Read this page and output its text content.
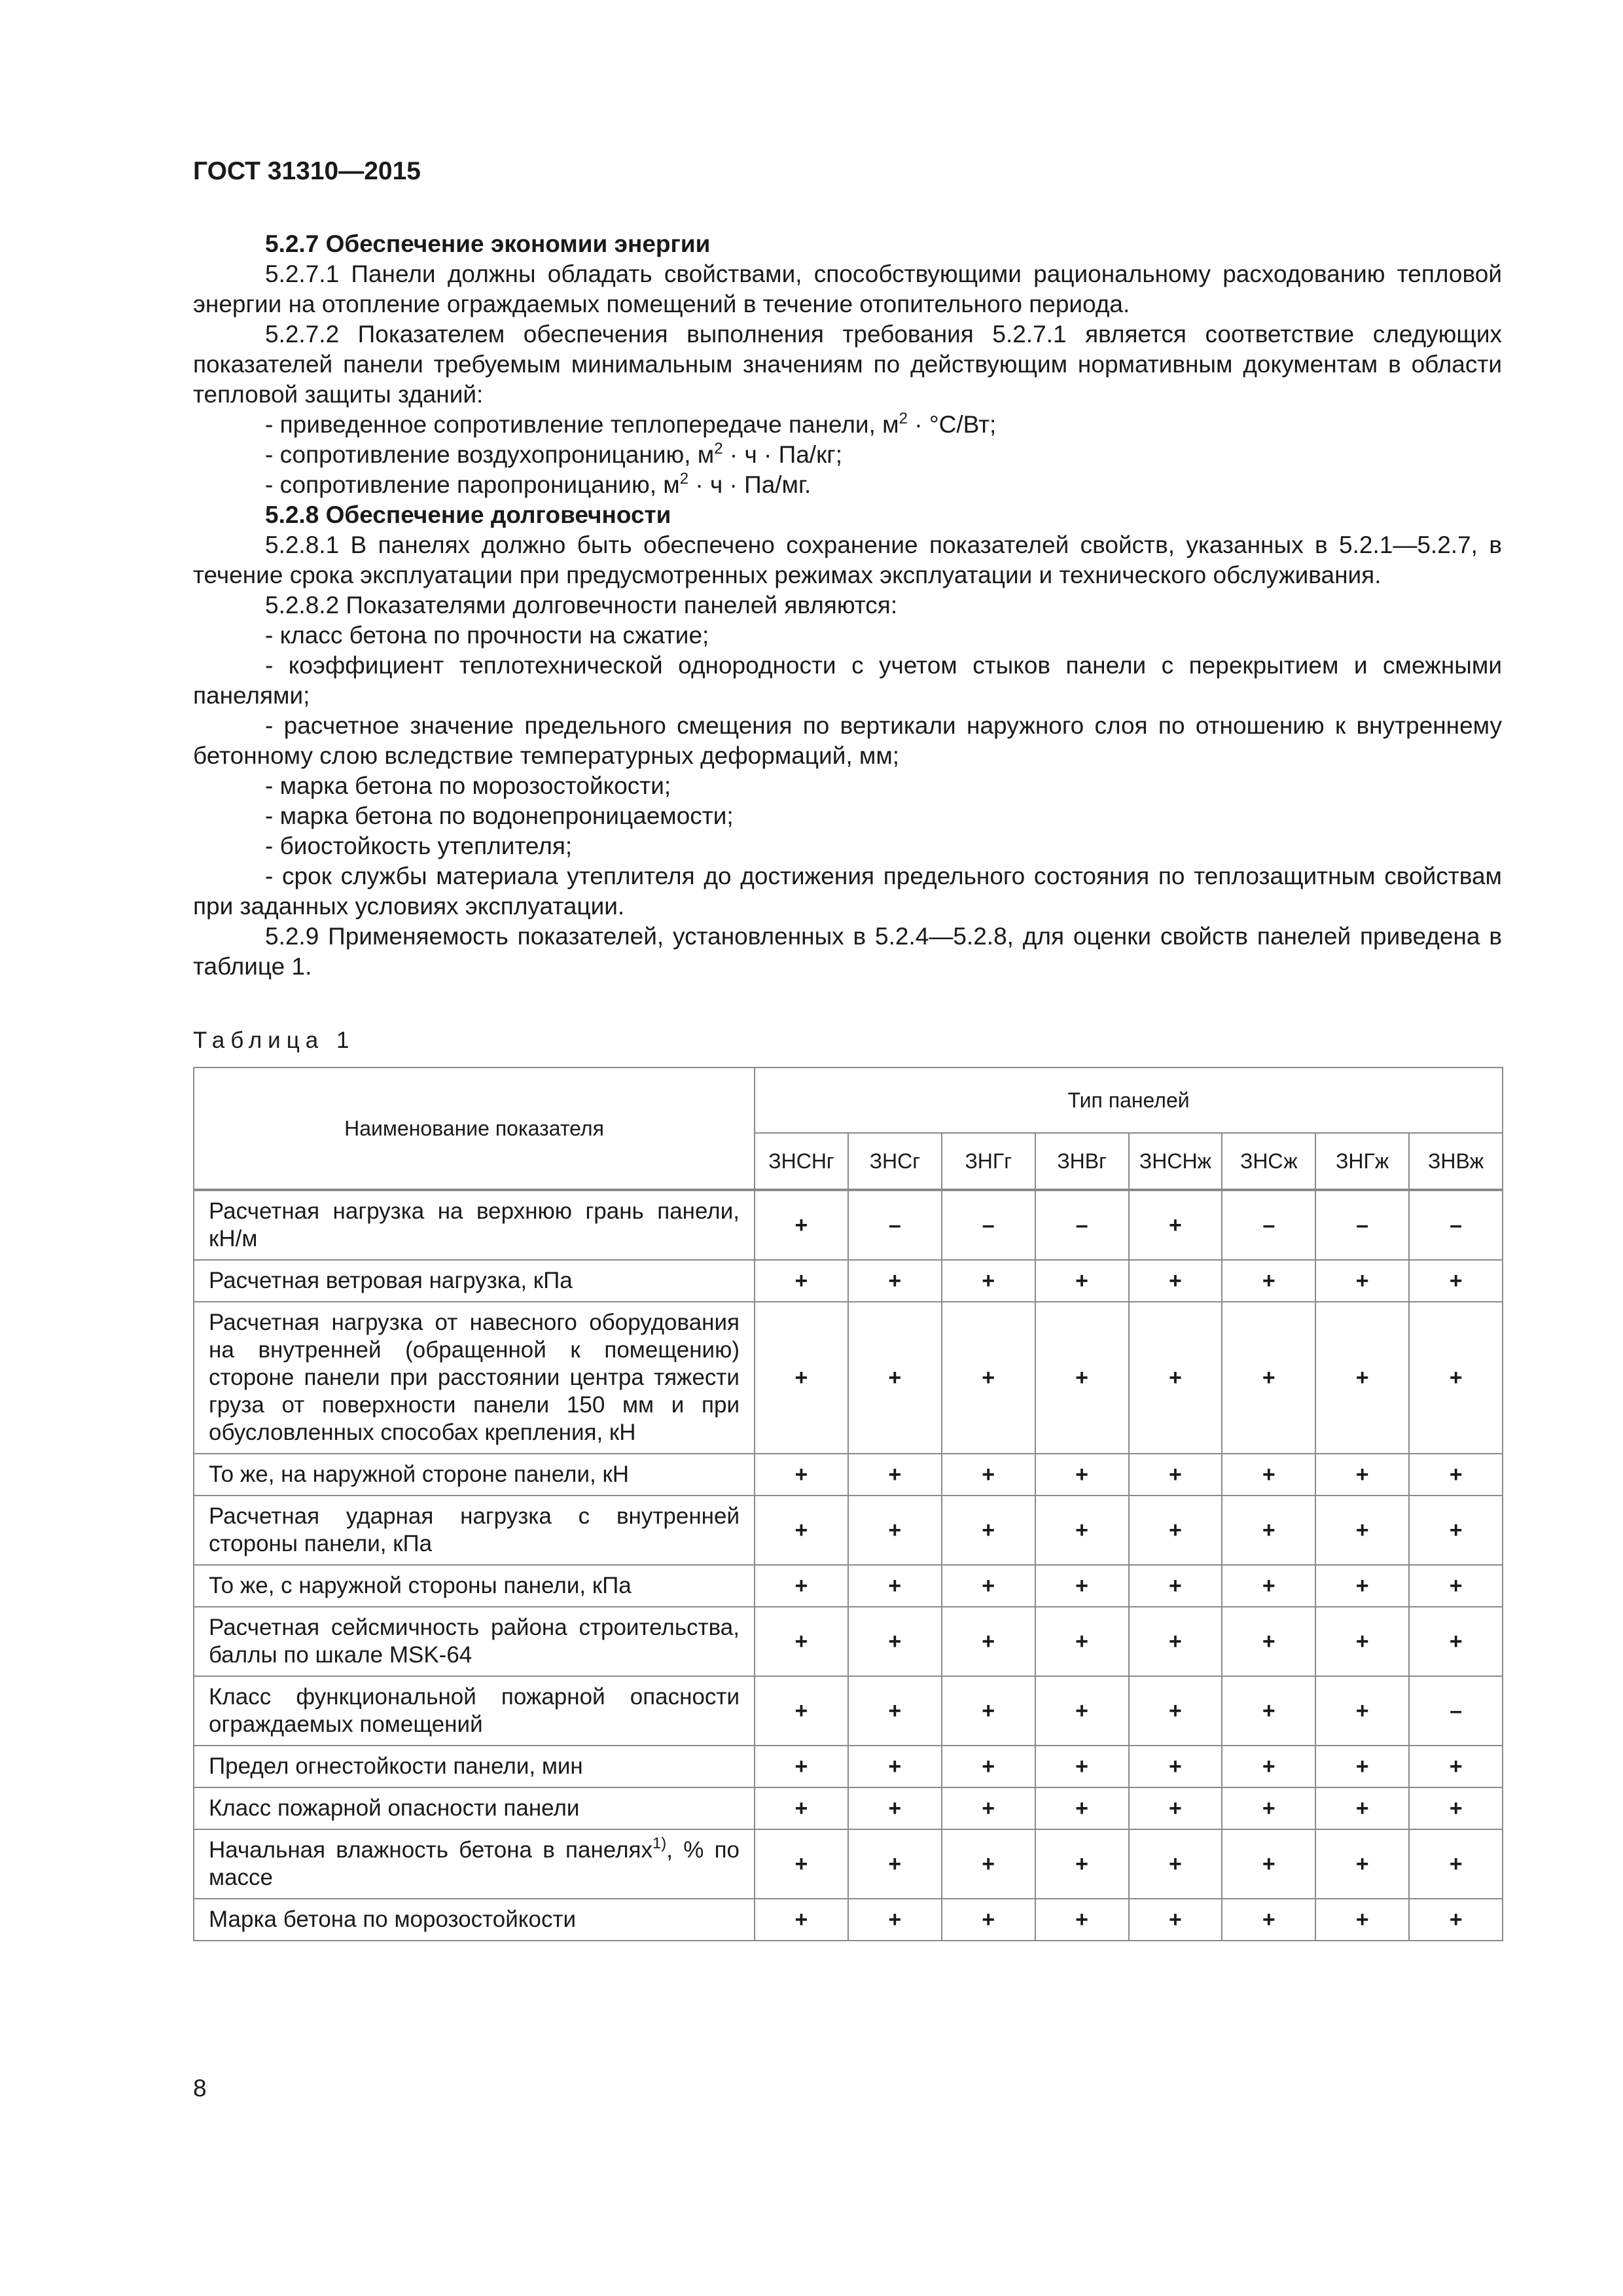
ГОСТ 31310—2015

5.2.7 Обеспечение экономии энергии

5.2.7.1 Панели должны обладать свойствами, способствующими рациональному расходованию тепловой энергии на отопление ограждаемых помещений в течение отопительного периода.

5.2.7.2 Показателем обеспечения выполнения требования 5.2.7.1 является соответствие следующих показателей панели требуемым минимальным значениям по действующим нормативным документам в области тепловой защиты зданий:

- приведенное сопротивление теплопередаче панели, $м^2 \cdot ^\circ С/Вт$;

- сопротивление воздухопроницанию, $м^2 \cdot ч \cdot Па/кг$;

- сопротивление паропроницанию, $м^2 \cdot ч \cdot Па/мг$.

5.2.8 Обеспечение долговечности

5.2.8.1 В панелях должно быть обеспечено сохранение показателей свойств, указанных в 5.2.1—5.2.7, в течение срока эксплуатации при предусмотренных режимах эксплуатации и технического обслуживания.

5.2.8.2 Показателями долговечности панелей являются:

- класс бетона по прочности на сжатие;

- коэффициент теплотехнической однородности с учетом стыков панели с перекрытием и смежными панелями;

- расчетное значение предельного смещения по вертикали наружного слоя по отношению к внутреннему бетонному слою вследствие температурных деформаций, мм;

- марка бетона по морозостойкости;

- марка бетона по водонепроницаемости;

- биостойкость утеплителя;

- срок службы материала утеплителя до достижения предельного состояния по теплозащитным свойствам при заданных условиях эксплуатации.

5.2.9 Применяемость показателей, установленных в 5.2.4—5.2.8, для оценки свойств панелей приведена в таблице 1.

Таблица 1
Наименование показателя	Тип панелей							
	ЗНСНг	ЗНСг	ЗНГг	ЗНВг	ЗНСНж	ЗНСж	ЗНГж	ЗНВж
Расчетная нагрузка на верхнюю грань панели, кН/м	+	–	–	–	+	–	–	–
Расчетная ветровая нагрузка, кПа	+	+	+	+	+	+	+	+
Расчетная нагрузка от навесного оборудования на внутренней (обращенной к помещению) стороне панели при расстоянии центра тяжести груза от поверхности панели 150 мм и при обусловленных способах крепления, кН	+	+	+	+	+	+	+	+
То же, на наружной стороне панели, кН	+	+	+	+	+	+	+	+
Расчетная ударная нагрузка с внутренней стороны панели, кПа	+	+	+	+	+	+	+	+
То же, с наружной стороны панели, кПа	+	+	+	+	+	+	+	+
Расчетная сейсмичность района строительства, баллы по шкале MSK-64	+	+	+	+	+	+	+	+
Класс функциональной пожарной опасности ограждаемых помещений	+	+	+	+	+	+	+	–
Предел огнестойкости панели, мин	+	+	+	+	+	+	+	+
Класс пожарной опасности панели	+	+	+	+	+	+	+	+
Начальная влажность бетона в панелях$^{1)}$, % по массе	+	+	+	+	+	+	+	+
Марка бетона по морозостойкости	+	+	+	+	+	+	+	+
8
